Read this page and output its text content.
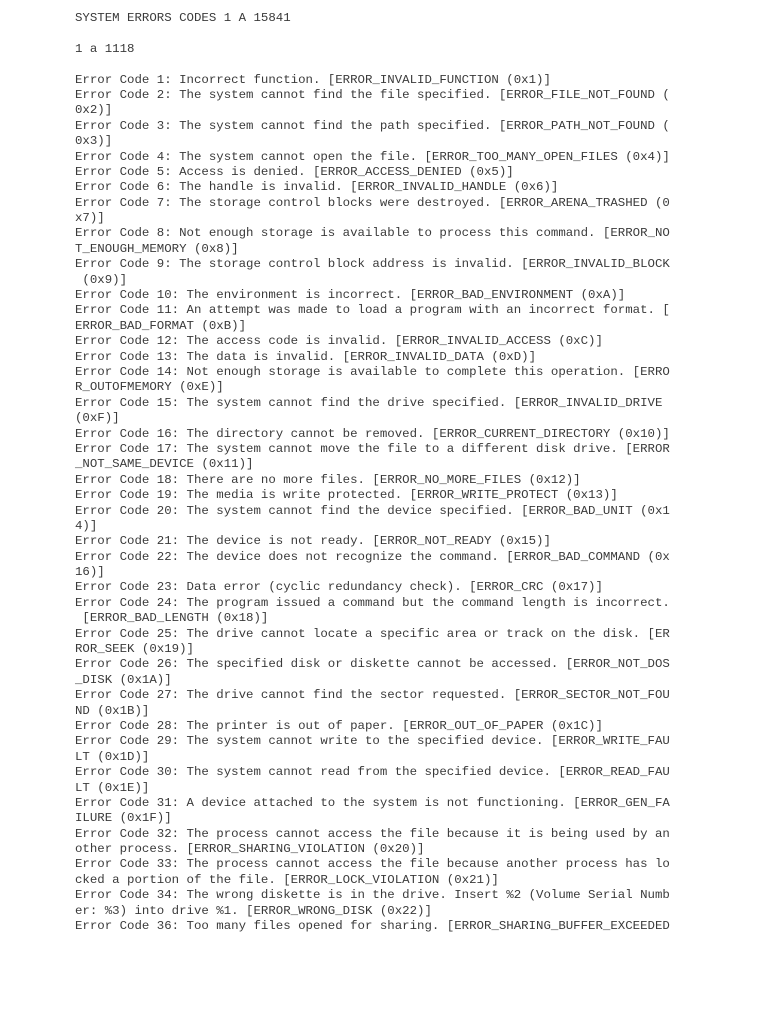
SYSTEM ERRORS CODES 1 A 15841
1 a 1118
Error Code 1: Incorrect function. [ERROR_INVALID_FUNCTION (0x1)]
Error Code 2: The system cannot find the file specified. [ERROR_FILE_NOT_FOUND (
0x2)]
Error Code 3: The system cannot find the path specified. [ERROR_PATH_NOT_FOUND (
0x3)]
Error Code 4: The system cannot open the file. [ERROR_TOO_MANY_OPEN_FILES (0x4)]
Error Code 5: Access is denied. [ERROR_ACCESS_DENIED (0x5)]
Error Code 6: The handle is invalid. [ERROR_INVALID_HANDLE (0x6)]
Error Code 7: The storage control blocks were destroyed. [ERROR_ARENA_TRASHED (0
x7)]
Error Code 8: Not enough storage is available to process this command. [ERROR_NO
T_ENOUGH_MEMORY (0x8)]
Error Code 9: The storage control block address is invalid. [ERROR_INVALID_BLOCK
(0x9)]
Error Code 10: The environment is incorrect. [ERROR_BAD_ENVIRONMENT (0xA)]
Error Code 11: An attempt was made to load a program with an incorrect format. [
ERROR_BAD_FORMAT (0xB)]
Error Code 12: The access code is invalid. [ERROR_INVALID_ACCESS (0xC)]
Error Code 13: The data is invalid. [ERROR_INVALID_DATA (0xD)]
Error Code 14: Not enough storage is available to complete this operation. [ERRO
R_OUTOFMEMORY (0xE)]
Error Code 15: The system cannot find the drive specified. [ERROR_INVALID_DRIVE
(0xF)]
Error Code 16: The directory cannot be removed. [ERROR_CURRENT_DIRECTORY (0x10)]
Error Code 17: The system cannot move the file to a different disk drive. [ERROR
_NOT_SAME_DEVICE (0x11)]
Error Code 18: There are no more files. [ERROR_NO_MORE_FILES (0x12)]
Error Code 19: The media is write protected. [ERROR_WRITE_PROTECT (0x13)]
Error Code 20: The system cannot find the device specified. [ERROR_BAD_UNIT (0x1
4)]
Error Code 21: The device is not ready. [ERROR_NOT_READY (0x15)]
Error Code 22: The device does not recognize the command. [ERROR_BAD_COMMAND (0x
16)]
Error Code 23: Data error (cyclic redundancy check). [ERROR_CRC (0x17)]
Error Code 24: The program issued a command but the command length is incorrect.
[ERROR_BAD_LENGTH (0x18)]
Error Code 25: The drive cannot locate a specific area or track on the disk. [ER
ROR_SEEK (0x19)]
Error Code 26: The specified disk or diskette cannot be accessed. [ERROR_NOT_DOS
_DISK (0x1A)]
Error Code 27: The drive cannot find the sector requested. [ERROR_SECTOR_NOT_FOU
ND (0x1B)]
Error Code 28: The printer is out of paper. [ERROR_OUT_OF_PAPER (0x1C)]
Error Code 29: The system cannot write to the specified device. [ERROR_WRITE_FAU
LT (0x1D)]
Error Code 30: The system cannot read from the specified device. [ERROR_READ_FAU
LT (0x1E)]
Error Code 31: A device attached to the system is not functioning. [ERROR_GEN_FA
ILURE (0x1F)]
Error Code 32: The process cannot access the file because it is being used by an
other process. [ERROR_SHARING_VIOLATION (0x20)]
Error Code 33: The process cannot access the file because another process has lo
cked a portion of the file. [ERROR_LOCK_VIOLATION (0x21)]
Error Code 34: The wrong diskette is in the drive. Insert %2 (Volume Serial Numb
er: %3) into drive %1. [ERROR_WRONG_DISK (0x22)]
Error Code 36: Too many files opened for sharing. [ERROR_SHARING_BUFFER_EXCEEDED
